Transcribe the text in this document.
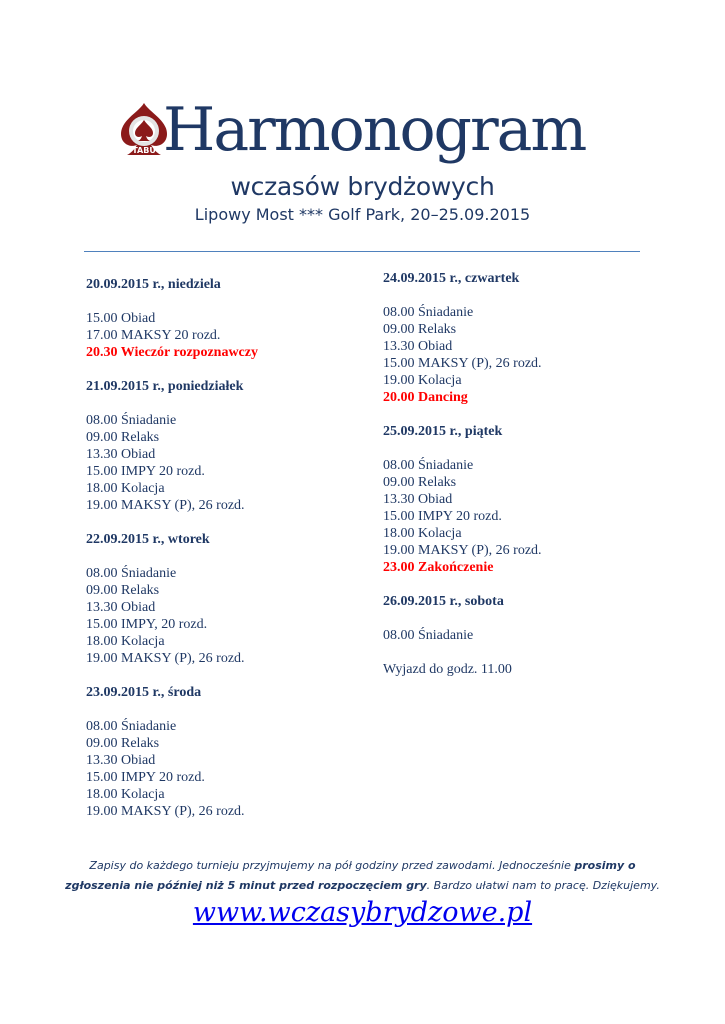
TABU Harmonogram
wczasów brydżowych
Lipowy Most *** Golf Park, 20–25.09.2015
20.09.2015 r., niedziela
15.00 Obiad
17.00 MAKSY 20 rozd.
20.30 Wieczór rozpoznawczy
21.09.2015 r., poniedziałek
08.00 Śniadanie
09.00 Relaks
13.30 Obiad
15.00 IMPY 20 rozd.
18.00 Kolacja
19.00 MAKSY (P), 26 rozd.
22.09.2015 r., wtorek
08.00 Śniadanie
09.00 Relaks
13.30 Obiad
15.00 IMPY, 20 rozd.
18.00 Kolacja
19.00 MAKSY (P), 26 rozd.
23.09.2015 r., środa
08.00 Śniadanie
09.00 Relaks
13.30 Obiad
15.00 IMPY 20 rozd.
18.00 Kolacja
19.00 MAKSY (P), 26 rozd.
24.09.2015 r., czwartek
08.00 Śniadanie
09.00 Relaks
13.30 Obiad
15.00 MAKSY (P), 26 rozd.
19.00 Kolacja
20.00 Dancing
25.09.2015 r., piątek
08.00 Śniadanie
09.00 Relaks
13.30 Obiad
15.00 IMPY 20 rozd.
18.00 Kolacja
19.00 MAKSY (P), 26 rozd.
23.00 Zakończenie
26.09.2015 r., sobota
08.00 Śniadanie
Wyjazd do godz. 11.00
Zapisy do każdego turnieju przyjmujemy na pół godziny przed zawodami. Jednocześnie prosimy o
zgłoszenia nie później niż 5 minut przed rozpoczęciem gry. Bardzo ułatwi nam to pracę. Dziękujemy.
www.wczasybrydzowe.pl
